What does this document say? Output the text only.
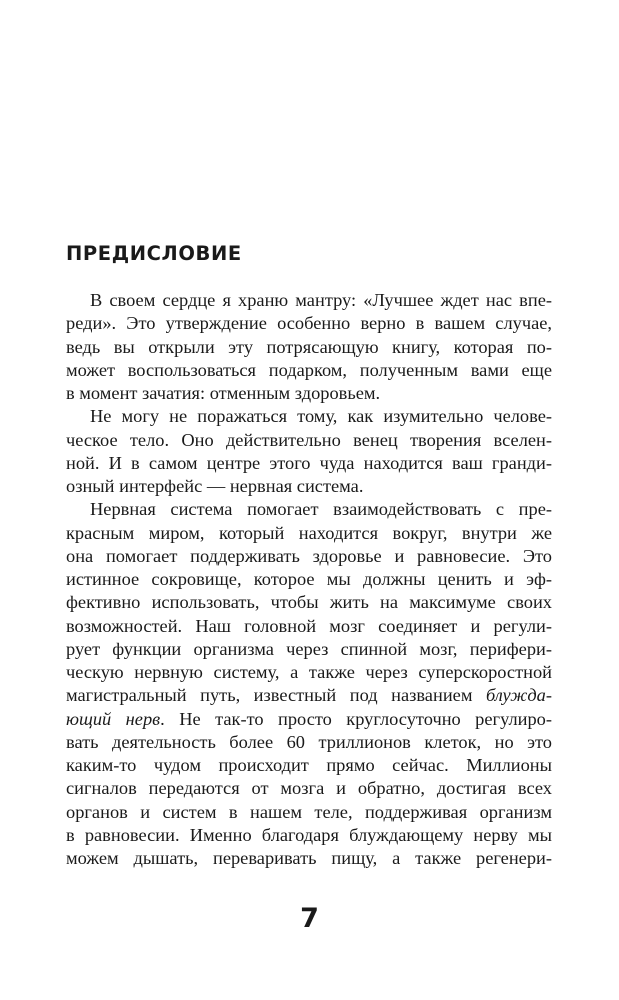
ПРЕДИСЛОВИЕ
В своем сердце я храню мантру: «Лучшее ждет нас впе-
реди». Это утверждение особенно верно в вашем случае,
ведь вы открыли эту потрясающую книгу, которая по-
может воспользоваться подарком, полученным вами еще
в момент зачатия: отменным здоровьем.
Не могу не поражаться тому, как изумительно челове-
ческое тело. Оно действительно венец творения вселен-
ной. И в самом центре этого чуда находится ваш гранди-
озный интерфейс — нервная система.
Нервная система помогает взаимодействовать с пре-
красным миром, который находится вокруг, внутри же
она помогает поддерживать здоровье и равновесие. Это
истинное сокровище, которое мы должны ценить и эф-
фективно использовать, чтобы жить на максимуме своих
возможностей. Наш головной мозг соединяет и регули-
рует функции организма через спинной мозг, перифери-
ческую нервную систему, а также через суперскоростной
магистральный путь, известный под названием блужда-
ющий нерв. Не так-то просто круглосуточно регулиро-
вать деятельность более 60 триллионов клеток, но это
каким-то чудом происходит прямо сейчас. Миллионы
сигналов передаются от мозга и обратно, достигая всех
органов и систем в нашем теле, поддерживая организм
в равновесии. Именно благодаря блуждающему нерву мы
можем дышать, переваривать пищу, а также регенери-
7
